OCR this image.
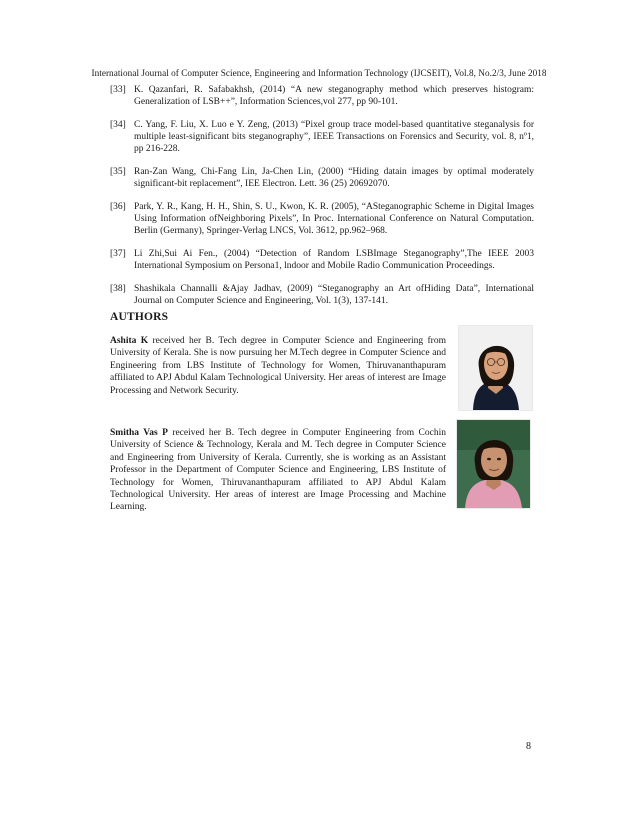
International Journal of Computer Science, Engineering and Information Technology (IJCSEIT), Vol.8, No.2/3, June 2018
[33] K. Qazanfari, R. Safabakhsh, (2014) “A new steganography method which preserves histogram: Generalization of LSB++”, Information Sciences,vol 277, pp 90-101.
[34] C. Yang, F. Liu, X. Luo e Y. Zeng, (2013) “Pixel group trace model-based quantitative steganalysis for multiple least-significant bits steganography”, IEEE Transactions on Forensics and Security, vol. 8, nº1, pp 216-228.
[35] Ran-Zan Wang, Chi-Fang Lin, Ja-Chen Lin, (2000) “Hiding datain images by optimal moderately significant-bit replacement”, IEE Electron. Lett. 36 (25) 20692070.
[36] Park, Y. R., Kang, H. H., Shin, S. U., Kwon, K. R. (2005), “ASteganographic Scheme in Digital Images Using Information ofNeighboring Pixels”, In Proc. International Conference on Natural Computation. Berlin (Germany), Springer-Verlag LNCS, Vol. 3612, pp.962–968.
[37] Li Zhi,Sui Ai Fen., (2004) “Detection of Random LSBImage Steganography”,The IEEE 2003 International Symposium on Persona1, lndoor and Mobile Radio Communication Proceedings.
[38] Shashikala Channalli &Ajay Jadhav, (2009) “Steganography an Art ofHiding Data”, International Journal on Computer Science and Engineering, Vol. 1(3), 137-141.
AUTHORS
Ashita K received her B. Tech degree in Computer Science and Engineering from University of Kerala. She is now pursuing her M.Tech degree in Computer Science and Engineering from LBS Institute of Technology for Women, Thiruvananthapuram affiliated to APJ Abdul Kalam Technological University. Her areas of interest are Image Processing and Network Security.
Smitha Vas P received her B. Tech degree in Computer Engineering from Cochin University of Science & Technology, Kerala and M. Tech degree in Computer Science and Engineering from University of Kerala. Currently, she is working as an Assistant Professor in the Department of Computer Science and Engineering, LBS Institute of Technology for Women, Thiruvananthapuram affiliated to APJ Abdul Kalam Technological University. Her areas of interest are Image Processing and Machine Learning.
8
